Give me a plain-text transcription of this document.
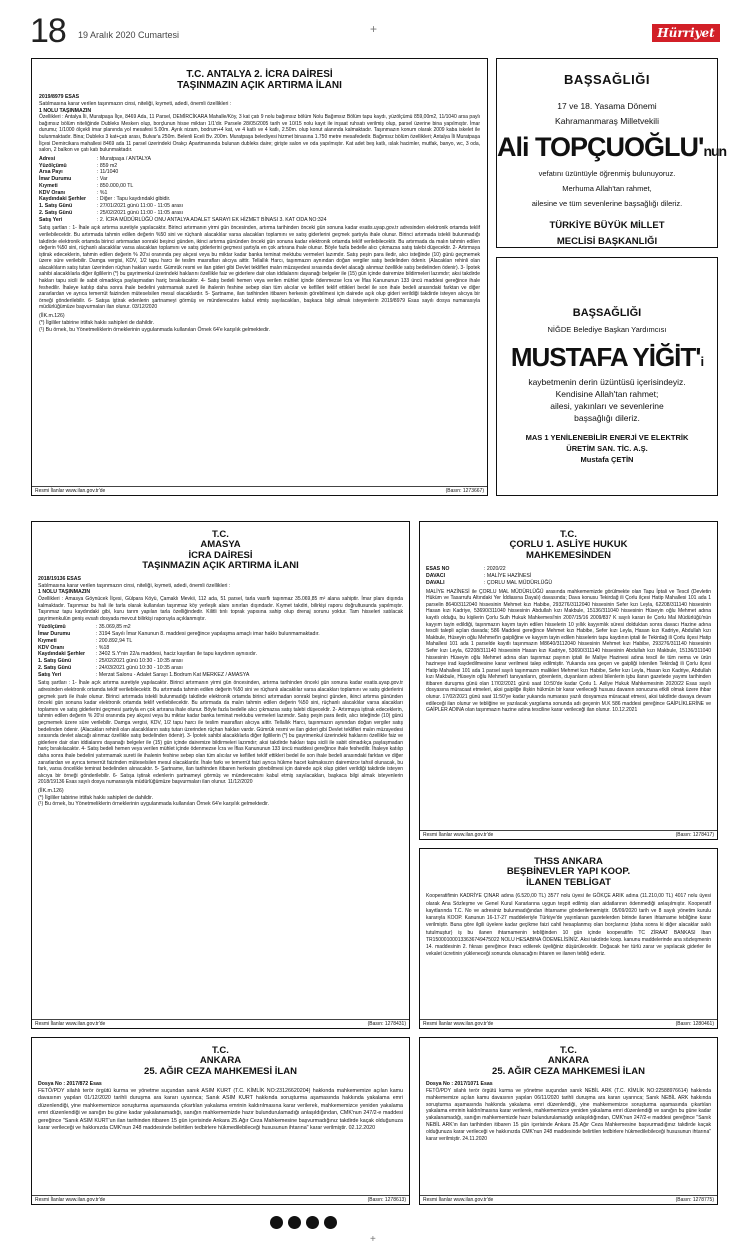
18 19 Aralık 2020 Cumartesi	+	Hürriyet
T.C. ANTALYA 2. İCRA DAİRESİ
TAŞINMAZIN AÇIK ARTIRMA İLANI
2019/8979 ESAS
Satılmasına karar verilen taşınmazın cinsi, niteliği, kıymeti, adedi, önemli özellikleri :
1 NOLU TAŞINMAZIN
Özellikleri : Antalya İli, Muratpaşa İlçe, 8469 Ada, 11 Parsel, DEMİRCİKARA Mahalle/Köy, 3 kat çatı 9 nolu bağımsız bölüm Nolu Bağımsız Bölüm tapu kaydı, yüzölçümü 859,00m2, 11/1040 arsa paylı bağımsız bölüm niteliğinde Dubleks Mesken olup, borçlunun hisse miktarı 1/1'dir. Parsele 28/05/2005 tarih ve 10/15 nolu kayıt ile inşaat ruhsatı verilmiş olup, parsel üzerine bina yapılmıştır. İmar durumu; 1/1000 ölçekli imar planında yol mesafesi 5.00m. Ayrık nizam, bodrum+4 kat, ve 4 katlı ve 4 katlı, 2.50m. olup konut alanında kalmaktadır. Taşınmazın konum olarak 2009 kaba iskelet ile bulunmaktadır. Bina; Dubleks 3 kat+çatı arası, Bulvar'a 250m. Belenli Eceli Bv. 200m. Muratpaşa belediyesi hizmet binasına 1.750 metre mesafededir. Bağımsız bölüm özellikleri; Antalya İli Muratpaşa İlçesi Demircikara mahallesi 8469 ada 11 parsel üzerindeki Orakçı Apartmanında bulunan dubleks daire; girişte salon ve oda yapılmıştır. Kat adet beş katlı, ıslak hacimler, mutfak, banyo, wc, 3 oda, salon, 2 balkon ve çatı katı bulunmaktadır.
Adresi	: Muratpaşa / ANTALYA
Yüzölçümü	: 859 m2
Arsa Payı	: 11/1040
İmar Durumu	: Var
Kıymeti	: 850.000,00 TL
KDV Oranı	: %1
Kaydındaki Şerhler	: Diğer : Tapu kaydındaki gibidir.
1. Satış Günü	: 27/01/2021 günü 11:00 - 11:05 arası
2. Satış Günü	: 25/02/2021 günü 11:00 - 11:05 arası
Satış Yeri	: 2. İCRA MÜDÜRLÜĞÜ ONU ANTALYA ADALET SARAYI EK HİZMET BİNASI 3. KAT ODA NO:324
Satış şartları : 1- İhale açık artırma suretiyle yapılacaktır. Birinci artırmanın yirmi gün öncesinden, artırma tarihinden önceki gün sonuna kadar esatis.uyap.gov.tr adresinden elektronik ortamda teklif verilebilecektir. Bu artırmada tahmin edilen değerin %50 sini ve rüçhanlı alacaklılar varsa alacakları toplamını ve satış giderlerini geçmek şartıyla ihale olunur. Birinci artırmada istekli bulunmadığı takdirde elektronik ortamda birinci artırmadan sonraki beşinci günden, ikinci artırma gününden önceki gün sonuna kadar elektronik ortamda teklif verilebilecektir. Bu artırmada da malın tahmin edilen değerin %50 sini, rüçhanlı alacaklılar varsa alacakları toplamını ve satış giderlerini geçmesi şartıyla en çok artırana ihale olunur. Böyle fazla bedelle alıcı çıkmazsa satış talebi düşecektir. 2- Artırmaya iştirak edeceklerin, tahmin edilen değerin % 20'si oranında pey akçesi veya bu miktar kadar banka teminat mektubu vermeleri lazımdır. Satış peşin para iledir, alıcı isteğinde (10) günü geçmemek üzere süre verilebilir. Damga vergisi, KDV, 1/2 tapu harcı ile teslim masrafları alıcıya aittir. Tellallık Harcı, taşınmazın aynından doğan vergiler satış bedelinden ödenir. (Alacakları rehinli olan alacaklıların satış tutarı üzerinden rüçhan hakları vardır. Gümrük resmi ve ilan gideri gibi Devlet teklifleri malın müzayedesi sırasında devlet alacağı alınmaz özellikle satış bedelinden ödenir). 3- İpotek sahibi alacaklılarla diğer ilgililerin (*) bu gayrimenkul üzerindeki haklarını özellikle faiz ve giderlere dair olan iddialarını dayanağı belgeler ile (15) gün içinde dairemize bildirmeleri lazımdır; aksi takdirde hakları tapu sicili ile sabit olmadıkça paylaşmadan hariç bırakılacaktır. 4- Satış bedeli hemen veya verilen mühlet içinde ödenmezse İcra ve İflas Kanununun 133 üncü maddesi gereğince ihale feshedilir. İhaleye katılıp daha sonra ihale bedelini yatırmamak sureti ile ihalenin feshine sebep olan tüm alıcılar ve kefilleri teklif ettikleri bedel ile son ihale bedeli arasındaki farktan ve diğer zararlardan ve ayrıca temerrüt faizinden müteselsilen mesul olacaklardır. 5- Şartname, ilan tarihinden itibaren herkesin görebilmesi için dairede açık olup gideri verildiği takdirde isteyen alıcıya bir örneği gönderilebilir. 6- Satışa iştirak edenlerin şartnameyi görmüş ve münderecatını kabul etmiş sayılacakları, başkaca bilgi almak isteyenlerin 2019/8979 Esas sayılı dosya numarasıyla müdürlüğümüze başvurmaları ilan olunur. 03/12/2020
(İİK.m.126)
(*) İlgililer tabirine irtifak hakkı sahipleri de dahildir.
(¹) Bu örnek, bu Yönetmeliklerin örneklerinin uygulanmada kullanılan Örnek 64'e karşılık gelmektedir.
Resmi İlanlar www.ilan.gov.tr'de	(Basın: 1273667)
BAŞSAĞLIĞI
17 ve 18. Yasama Dönemi
Kahramanmaraş Milletvekili
Ali TOPÇUOĞLU'nun
vefatını üzüntüyle öğrenmiş bulunuyoruz.
Merhuma Allah'tan rahmet,
ailesine ve tüm sevenlerine başsağlığı dileriz.
TÜRKİYE BÜYÜK MİLLET
MECLİSİ BAŞKANLIĞI
BAŞSAĞLIĞI
NİĞDE Belediye Başkan Yardımcısı
MUSTAFA YİĞİT'i
kaybetmenin derin üzüntüsü içerisindeyiz.
Kendisine Allah'tan rahmet;
ailesi, yakınları ve sevenlerine
başsağlığı dileriz.
MAS 1 YENİLENEBİLİR ENERJİ VE ELEKTRİK
ÜRETİM SAN. TİC. A.Ş.
Mustafa ÇETİN
T.C.
AMASYA
İCRA DAİRESİ
TAŞINMAZIN AÇIK ARTIRMA İLANI
2018/19136 ESAS
Satılmasına karar verilen taşınmazın cinsi, niteliği, kıymeti, adedi, önemli özellikleri :
1 NOLU TAŞINMAZIN
Özellikleri : Amasya Göynücek İlçesi, Gülpara Köyü, Çamaklı Mevkii, 112 ada, 51 parsel, tarla vasıflı taşınmaz 35.069,85 m² alana sahiptir. İmar planı dışında kalmaktadır. Taşınmaz bu hali ile tarla olarak kullanılan taşınmaz köy yerleşik alanı sınırları dışındadır. Kıymet takdiri, bilirkişi raporu doğrultusunda yapılmıştır. Taşınmaz tapu kaydındaki gibi, kuru tarım yapılan tarla özelliğindedir. Kilitli tınlı toprak yapısına sahip olup drenaj sorunu yoktur. Tam hisseleri satılacak gayrimenkulün geniş evsafı dosyada mevcut bilirkişi raporuyla açıklanmıştır.
Yüzölçümü	: 35.069,85 m2
İmar Durumu	: 3194 Sayılı İmar Kanunun 8. maddesi gereğince yapılaşma amaçlı imar hakkı bulunmamaktadır.
Kıymeti	: 200.892,94 TL
KDV Oranı	: %18
Kaydındaki Şerhler	: 3402 S.Y'nin 22/a maddesi, haciz kayıtları ile tapu kaydının aynısıdır.
1. Satış Günü	: 25/02/2021 günü 10:30 - 10:35 arası
2. Satış Günü	: 24/03/2021 günü 10:30 - 10:35 arası
Satış Yeri	: Merzat Salonu - Adalet Sarayı 1.Bodrum Kat MERKEZ / AMASYA
Satış şartları : 1- İhale açık artırma suretiyle yapılacaktır. Birinci artırmanın yirmi gün öncesinden, artırma tarihinden önceki gün sonuna kadar esatis.uyap.gov.tr adresinden elektronik ortamda teklif verilebilecektir. Bu artırmada tahmin edilen değerin %50 sini ve rüçhanlı alacaklılar varsa alacakları toplamını ve satış giderlerini geçmek şartı ile ihale olunur. Birinci artırmada istekli bulunmadığı takdirde elektronik ortamda birinci artırmadan sonraki beşinci günden, ikinci artırma gününden önceki gün sonuna kadar elektronik ortamda teklif verilebilecektir. Bu artırmada da malın tahmin edilen değerin %50 sini, rüçhanlı alacaklılar varsa alacakları toplamını ve satış giderlerini geçmesi şartıyla en çok artırana ihale olunur. Böyle fazla bedelle alıcı çıkmazsa satış talebi düşecektir. 2- Artırmaya iştirak edeceklerin, tahmin edilen değerin % 20'si oranında pey akçesi veya bu miktar kadar banka teminat mektubu vermeleri lazımdır. Satış peşin para iledir, alıcı isteğinde (10) günü geçmemek üzere süre verilebilir. Damga vergisi, KDV, 1/2 tapu harcı ile teslim masrafları alıcıya aittir. Tellallık Harcı, taşınmazın aynından doğan vergiler satış bedelinden ödenir. (Alacakları rehinli olan alacaklıların satış tutarı üzerinden rüçhan hakları vardır. Gümrük resmi ve ilan gideri gibi Devlet teklifleri malın müzayedesi sırasında devlet alacağı alınmaz özellikle satış bedelinden ödenir). 3- İpotek sahibi alacaklılarla diğer ilgililerin (*) bu gayrimenkul üzerindeki haklarını özellikle faiz ve giderlere dair olan iddialarını dayanağı belgeler ile (15) gün içinde dairemize bildirmeleri lazımdır; aksi takdirde hakları tapu sicili ile sabit olmadıkça paylaşmadan hariç bırakılacaktır. 4- Satış bedeli hemen veya verilen mühlet içinde ödenmezse İcra ve İflas Kanununun 133 üncü maddesi gereğince ihale feshedilir. İhaleye katılıp daha sonra ihale bedelini yatırmamak sureti ile ihalenin feshine sebep olan tüm alıcılar ve kefilleri teklif ettikleri bedel ile son ihale bedeli arasındaki farktan ve diğer zararlardan ve ayrıca temerrüt faizinden müteselsilen mesul olacaklardır. İhale farkı ve temerrüt faizi ayrıca hükme hacet kalmaksızın dairemizce tahsil olunacak, bu fark, varsa öncelikle teminat bedelinden alınacaktır. 5- Şartname, ilan tarihinden itibaren herkesin görebilmesi için dairede açık olup gideri verildiği takdirde isteyen alıcıya bir örneği gönderilebilir. 6- Satışa iştirak edenlerin şartnameyi görmüş ve münderecatını kabul etmiş sayılacakları, başkaca bilgi almak isteyenlerin 2018/19136 Esas sayılı dosya numarasıyla müdürlüğümüze başvurmaları ilan olunur. 11/12/2020
(İİK.m.126)
(*) İlgililer tabirine irtifak hakkı sahipleri de dahildir.
(¹) Bu örnek, bu Yönetmeliklerin örneklerinin uygulanmada kullanılan Örnek 64'e karşılık gelmektedir.
Resmi İlanlar www.ilan.gov.tr'de	(Basın: 1278431)
T.C.
ÇORLU 1. ASLİYE HUKUK
MAHKEMESİNDEN
ESAS NO	: 2020/22
DAVACI	: MALİYE HAZİNESİ
DAVALI	: ÇORLU MAL MÜDÜRLÜĞÜ
MALİYE HAZİNESİ ile ÇORLU MAL MÜDÜRLÜĞÜ arasında mahkememizde görülmekte olan Tapu İptali ve Tescil (Devletin Hüküm ve Tasarrufu Altındaki Yer İddiasına Dayalı) davasında; Dava konusu Tekirdağ ili Çorlu ilçesi Hatip Mahallesi 101 ada 1 parselin 8640/3112040 hissesinin Mehmet kızı Habibe, 293276/3112040 hissesinin Sefer kızı Leyla, 62208/311140 hissesinin Hasan kızı Kadriye, 53690/311040 hissesinin Abdullah kızı Makbule, 15136/311040 hissesinin Hüseyin oğlu Mehmet adına kayıtlı olduğu, bu kişilerin Çorlu Sulh Hukuk Mahkemesi'nin 2007/15/16 2009/837 K sayılı kararı ile Çorlu Mal Müdürlüğü'nün kayyım tayin edildiği, taşınmazın kayım tayin edilen hisselerin 10 yıllık kayyımlık süresi dolduktan sonra davacı Hazine adına tescili talepli açılan davada; 586 Maddesi gereğince Mehmet kızı Habibe, Sefer kızı Leyla, Hasan kızı Kadriye, Abdullah kızı Makbule, Hüseyin oğlu Mehmet'in gaipliğine ve kayyım tayin edilen hisselerin tapu kaydının iptali ile Tekirdağ ili Çorlu ilçesi Hatip Mahallesi 101 ada 1 parselde kayıtlı taşınmazın M8640/3112040 hissesinin Mehmet kızı Habibe, 293276/311140 hissesinin Sefer kızı Leyla, 62208/311140 hissesinin Hasan kızı Kadriye, 53690/311140 hissesinin Abdullah kızı Makbule, 15136/311040 hissesinin Hüseyin oğlu Mehmet adına olan taşınmaz payının iptali ile Maliye Hazinesi adına tescil ile tüm nema ve ürün hazineye irad kaydedilmesine karar verilmesi talep edilmiştir. Yukarıda sıra geçen ve gaipliği istenilen Tekirdağ ili Çorlu ilçesi Hatip Mahallesi 101 ada 1 parsel sayılı taşınmazın malikleri Mehmet kızı Habibe, Sefer kızı Leyla, Hasan kızı Kadriye, Abdullah kızı Makbule, Hüseyin oğlu Mehmet'i tanıyanların, görenlerin, duyanların adresi bilenlerin işbu ilanın gazetede yayımı tarihinden itibaren duruşma günü olan 17/02/2021 günü saat 10:50'de kadar Çorlu 1. Asliye Hukuk Mahkemesinin 2020/22 Esas sayılı dosyasına müracaat etmeleri, aksi gaipliğe ilişkin hükmün bir karar verileceği hususu davanın sonucuna etkili olmak üzere ihbar olunur. 17/02/2021 günü saat 11:50'ye kadar yukarıda numarası yazılı dosyamıza müracaat etmesi, aksi takdirde davaya devam edileceği ilan olunur ve tebliğine ve yazılacak yargılama sonunda adı geçenin M.K 586 maddesi gereğince GAİPLİKLERİNE ve GAİPLER ADINA olan taşınmazın hazine adına tesciline karar verileceği ilan olunur. 10.12.2021
Resmi İlanlar www.ilan.gov.tr'de	(Basın: 1278417)
THSS ANKARA
BEŞBİNEVLER YAPI KOOP.
İLANEN TEBLİGAT
Kooperatifimin KADRİYE ÇINAR adına (6.520,00 TL) 3577 nolu üyesi ile GÖKÇE ARIK adına (11.210,00 TL) 4017 nolu üyesi olarak Ana Sözleşme ve Genel Kurul Kararlarına uygun teşpit edilmiş olan aidatlarının ödenmediği anlaşılmıştır. Kooperatif kayıtlarında T.C. No ve adresiniz bulunmadığından ihtarname gönderilememiştir. 05/09/2020 tarih ve 8 sayılı yönetim kurulu kararıyla KOOP. Kanunun 16-17-27 maddeleriyle Türkiye'de yayınlanan gazetelerden birinde ilanen ihtarname tebliğine karar verilmiştir. Buna göre ilgili üyelere kadar geçikme faizi cahil hesaplanmış olan borçlarınız (daha sonra ki diğer alacaklar saklı tutulmuştur) iş bu ilanen ihtarnamenin tebliğinden 10 gün içinde kooperatifin TC ZİRAAT BANKASI Iban TR150001000133636749475022 NOLU HESABINA ÖDEMELİSİNİZ. Aksi takdirde koop. kanunu maddelerinde ana sözleşmenin 14. maddesinin 2. fıkrası gereğince ihracı edilerek üyeliğiniz düşürülecektir. Doğacak her türlü zarar ve yapılacak giderler ile vekalet ücretinin yükleneceği sonunda olunacağını ihtaren ve ilanen tebliğ ederiz.
Resmi İlanlar www.ilan.gov.tr'de	(Basın: 1280461)
T.C.
ANKARA
25. AĞIR CEZA MAHKEMESİ İLAN
Dosya No : 2017/872 Esas
FETÖ/PDY silahlı terör örgütü kurma ve yönetme suçundan sanık ASIM KURT (T.C. KİMLİK NO:23126620204) hakkında mahkememize açılan kamu davasının yapılan 01/12/2020 tarihli duruşma ara kararı uyarınca; Sanık ASIM KURT hakkında soruşturma aşamasında hakkında yakalama emri düzenlendiği, yine mahkememizce soruşturma aşamasında çıkartılan yakalama emrinin kaldırılmasına karar verilerek, mahkememizce yeniden yakalama emri düzenlendiği ve sanığın bu güne kadar yakalanamadığı, sanığın mahkememizde hazır bulundurulamadığı anlaşıldığından, CMK'nun 247/2-e maddesi gereğince "Sanık ASIM KURT'un ilan tarihinden itibaren 15 gün içerisinde Ankara 25.Ağır Ceza Mahkemesine başvurmadığınız takdirde kaçak olduğunuza karar verileceği ve hakkınızda CMK'nun 248 maddesinde belirtilen tedbirlere hükmedilebileceği hususunun ihtarına" karar verilmiştir. 02.12.2020
Resmi İlanlar www.ilan.gov.tr'de	(Basın: 1278613)
T.C.
ANKARA
25. AĞIR CEZA MAHKEMESİ İLAN
Dosya No : 2017/1071 Esas
FETÖ/PDY silahlı terör örgütü kurma ve yönetme suçundan sanık NEBİL ARK (T.C. KİMLİK NO:22588976614) hakkında mahkememize açılan kamu davasının yapılan 06/11/2020 tarihli duruşma ara kararı uyarınca; Sanık NEBİL ARK hakkında soruşturma aşamasında hakkında yakalama emri düzenlendiği, yine mahkememizce soruşturma aşamasında çıkartılan yakalama emrinin kaldırılmasına karar verilerek, mahkememizce yeniden yakalama emri düzenlendiği ve sanığın bu güne kadar yakalanamadığı, sanığın mahkememizde hazır bulundurulamadığı anlaşıldığından, CMK'nun 247/2-e maddesi gereğince "Sanık NEBİL ARK'ın ilan tarihinden itibaren 15 gün içerisinde Ankara 25.Ağır Ceza Mahkemesine başvurmadığınız takdirde kaçak olduğunuza karar verileceği ve hakkınızda CMK'nun 248 maddesinde belirtilen tedbirlere hükmedilebileceği hususunun ihtarına" karar verilmiştir. 24.11.2020
Resmi İlanlar www.ilan.gov.tr'de	(Basın: 1278775)
+
